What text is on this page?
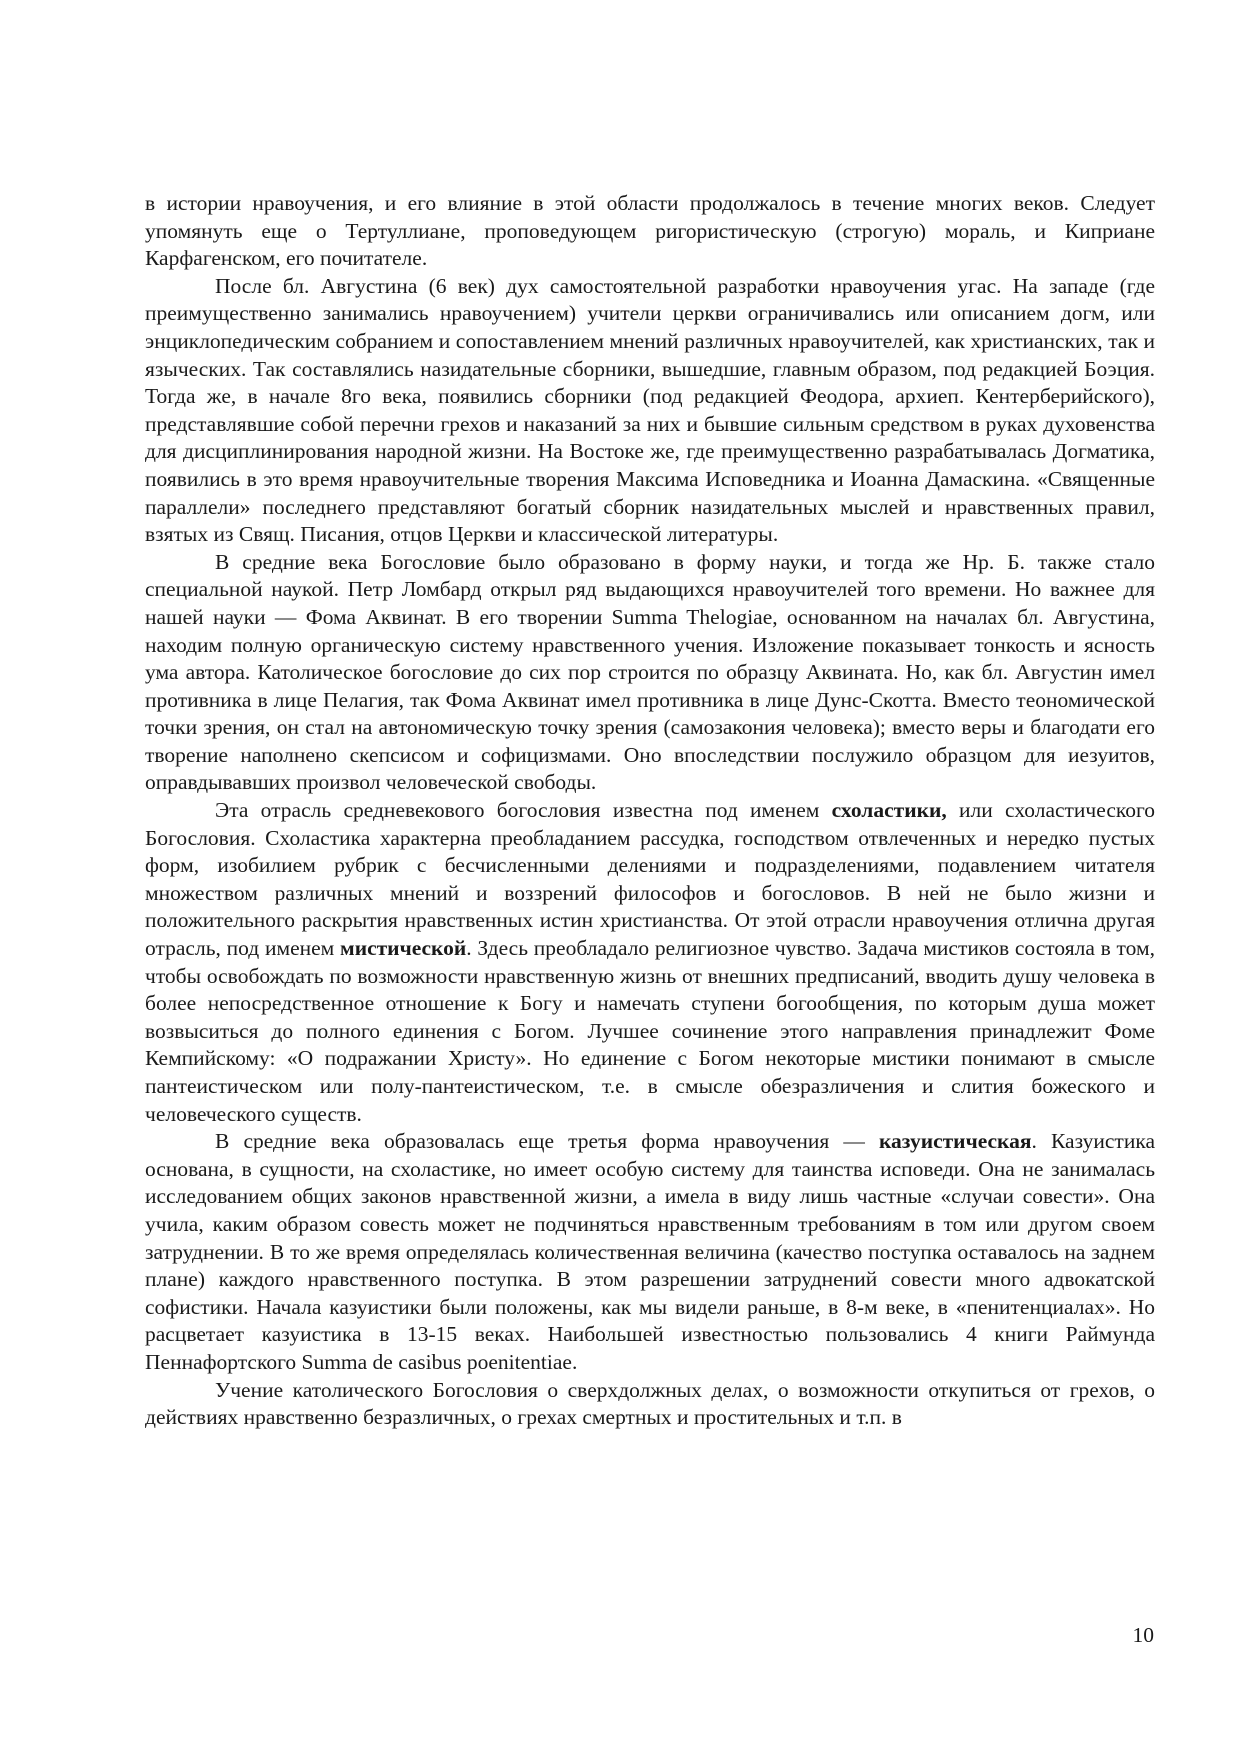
в истории нравоучения, и его влияние в этой области продолжалось в течение многих веков. Следует упомянуть еще о Тертуллиане, проповедующем ригористическую (строгую) мораль, и Киприане Карфагенском, его почитателе.

После бл. Августина (6 век) дух самостоятельной разработки нравоучения угас. На западе (где преимущественно занимались нравоучением) учители церкви ограничивались или описанием догм, или энциклопедическим собранием и сопоставлением мнений различных нравоучителей, как христианских, так и языческих. Так составлялись назидательные сборники, вышедшие, главным образом, под редакцией Боэция. Тогда же, в начале 8го века, появились сборники (под редакцией Феодора, архиеп. Кентерберийского), представлявшие собой перечни грехов и наказаний за них и бывшие сильным средством в руках духовенства для дисциплинирования народной жизни. На Востоке же, где преимущественно разрабатывалась Догматика, появились в это время нравоучительные творения Максима Исповедника и Иоанна Дамаскина. «Священные параллели» последнего представляют богатый сборник назидательных мыслей и нравственных правил, взятых из Свящ. Писания, отцов Церкви и классической литературы.

В средние века Богословие было образовано в форму науки, и тогда же Нр. Б. также стало специальной наукой. Петр Ломбард открыл ряд выдающихся нравоучителей того времени. Но важнее для нашей науки — Фома Аквинат. В его творении Summa Thelogiae, основанном на началах бл. Августина, находим полную органическую систему нравственного учения. Изложение показывает тонкость и ясность ума автора. Католическое богословие до сих пор строится по образцу Аквината. Но, как бл. Августин имел противника в лице Пелагия, так Фома Аквинат имел противника в лице Дунс-Скотта. Вместо теономической точки зрения, он стал на автономическую точку зрения (самозакония человека); вместо веры и благодати его творение наполнено скепсисом и софицизмами. Оно впоследствии послужило образцом для иезуитов, оправдывавших произвол человеческой свободы.

Эта отрасль средневекового богословия известна под именем схоластики, или схоластического Богословия. Схоластика характерна преобладанием рассудка, господством отвлеченных и нередко пустых форм, изобилием рубрик с бесчисленными делениями и подразделениями, подавлением читателя множеством различных мнений и воззрений философов и богословов. В ней не было жизни и положительного раскрытия нравственных истин христианства. От этой отрасли нравоучения отлична другая отрасль, под именем мистической. Здесь преобладало религиозное чувство. Задача мистиков состояла в том, чтобы освобождать по возможности нравственную жизнь от внешних предписаний, вводить душу человека в более непосредственное отношение к Богу и намечать ступени богообщения, по которым душа может возвыситься до полного единения с Богом. Лучшее сочинение этого направления принадлежит Фоме Кемпийскому: «О подражании Христу». Но единение с Богом некоторые мистики понимают в смысле пантеистическом или полу-пантеистическом, т.е. в смысле обезразличения и слития божеского и человеческого существ.

В средние века образовалась еще третья форма нравоучения — казуистическая. Казуистика основана, в сущности, на схоластике, но имеет особую систему для таинства исповеди. Она не занималась исследованием общих законов нравственной жизни, а имела в виду лишь частные «случаи совести». Она учила, каким образом совесть может не подчиняться нравственным требованиям в том или другом своем затруднении. В то же время определялась количественная величина (качество поступка оставалось на заднем плане) каждого нравственного поступка. В этом разрешении затруднений совести много адвокатской софистики. Начала казуистики были положены, как мы видели раньше, в 8-м веке, в «пенитенциалах». Но расцветает казуистика в 13-15 веках. Наибольшей известностью пользовались 4 книги Раймунда Пеннафортского Summa de casibus poenitentiae.

Учение католического Богословия о сверхдолжных делах, о возможности откупиться от грехов, о действиях нравственно безразличных, о грехах смертных и простительных и т.п. в

10
